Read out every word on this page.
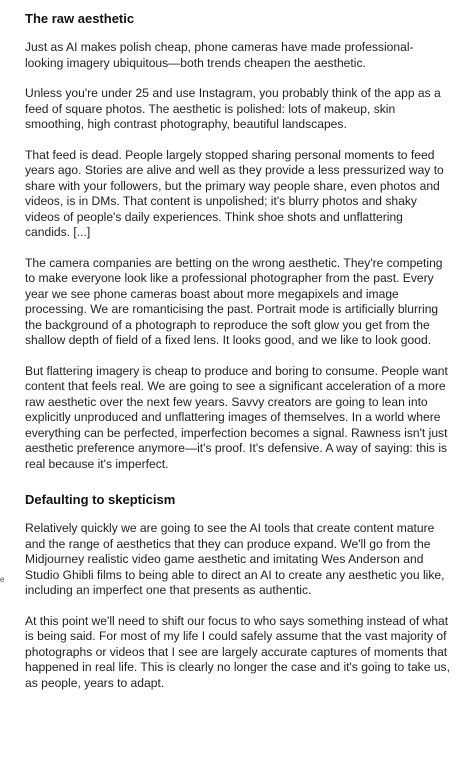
The raw aesthetic

Just as AI makes polish cheap, phone cameras have made professional-looking imagery ubiquitous—both trends cheapen the aesthetic.

Unless you're under 25 and use Instagram, you probably think of the app as a feed of square photos. The aesthetic is polished: lots of makeup, skin smoothing, high contrast photography, beautiful landscapes.

That feed is dead. People largely stopped sharing personal moments to feed years ago. Stories are alive and well as they provide a less pressurized way to share with your followers, but the primary way people share, even photos and videos, is in DMs. That content is unpolished; it's blurry photos and shaky videos of people's daily experiences. Think shoe shots and unflattering candids. [...]

The camera companies are betting on the wrong aesthetic. They're competing to make everyone look like a professional photographer from the past. Every year we see phone cameras boast about more megapixels and image processing. We are romanticising the past. Portrait mode is artificially blurring the background of a photograph to reproduce the soft glow you get from the shallow depth of field of a fixed lens. It looks good, and we like to look good.

But flattering imagery is cheap to produce and boring to consume. People want content that feels real. We are going to see a significant acceleration of a more raw aesthetic over the next few years. Savvy creators are going to lean into explicitly unproduced and unflattering images of themselves. In a world where everything can be perfected, imperfection becomes a signal. Rawness isn't just aesthetic preference anymore—it's proof. It's defensive. A way of saying: this is real because it's imperfect.

Defaulting to skepticism

Relatively quickly we are going to see the AI tools that create content mature and the range of aesthetics that they can produce expand. We'll go from the Midjourney realistic video game aesthetic and imitating Wes Anderson and Studio Ghibli films to being able to direct an AI to create any aesthetic you like, including an imperfect one that presents as authentic.

At this point we'll need to shift our focus to who says something instead of what is being said. For most of my life I could safely assume that the vast majority of photographs or videos that I see are largely accurate captures of moments that happened in real life. This is clearly no longer the case and it's going to take us, as people, years to adapt.

e
